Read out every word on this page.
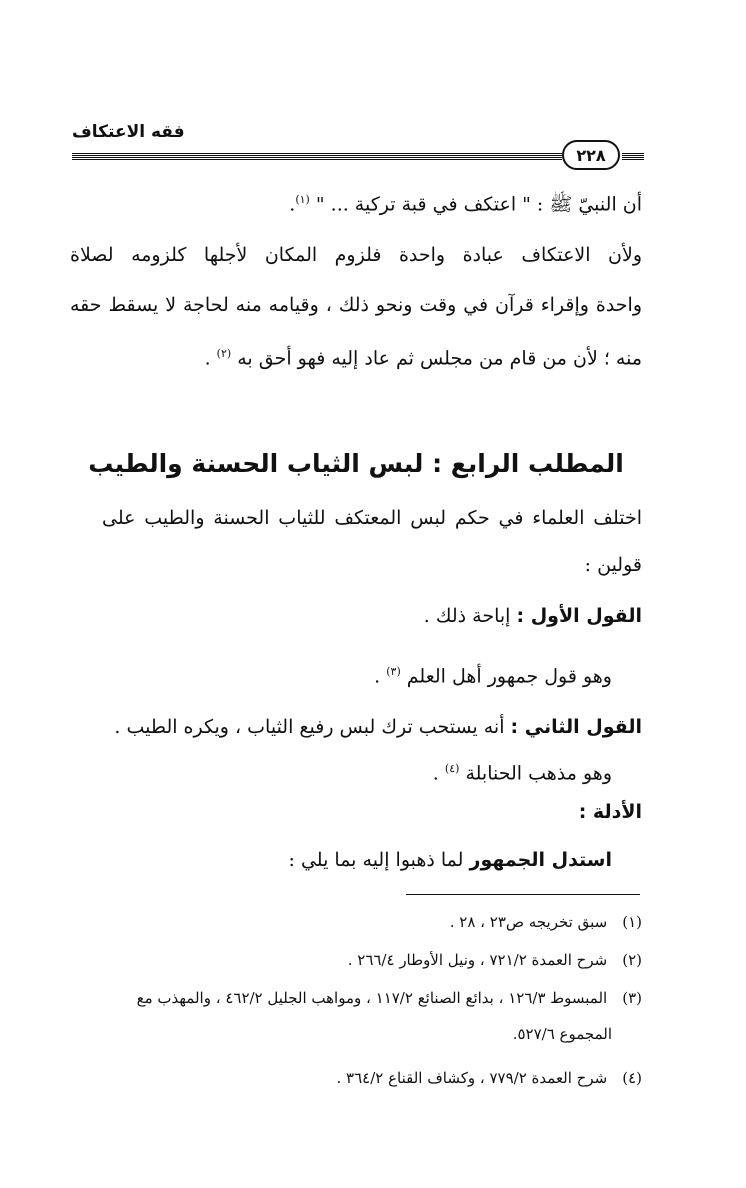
فقه الاعتكاف
٢٢٨
أن النبيّ ﷺ : " اعتكف في قبة تركية ... " $^{(١)}$.
ولأن الاعتكاف عبادة واحدة فلزوم المكان لأجلها كلزومه لصلاة
واحدة وإقراء قرآن في وقت ونحو ذلك ، وقيامه منه لحاجة لا يسقط حقه
منه ؛ لأن من قام من مجلس ثم عاد إليه فهو أحق به $^{(٢)}$ .
المطلب الرابع : لبس الثياب الحسنة والطيب
اختلف العلماء في حكم لبس المعتكف للثياب الحسنة والطيب على
قولين :
القول الأول : إباحة ذلك .
وهو قول جمهور أهل العلم $^{(٣)}$ .
القول الثاني : أنه يستحب ترك لبس رفيع الثياب ، ويكره الطيب .
وهو مذهب الحنابلة $^{(٤)}$ .
الأدلة :
استدل الجمهور لما ذهبوا إليه بما يلي :
(١) سبق تخريجه ص٢٣ ، ٢٨ .
(٢) شرح العمدة ٧٢١/٢ ، ونيل الأوطار ٢٦٦/٤ .
(٣) المبسوط ١٢٦/٣ ، بدائع الصنائع ١١٧/٢ ، ومواهب الجليل ٤٦٢/٢ ، والمهذب مع
المجموع ٥٢٧/٦.
(٤) شرح العمدة ٧٧٩/٢ ، وكشاف القناع ٣٦٤/٢ .
